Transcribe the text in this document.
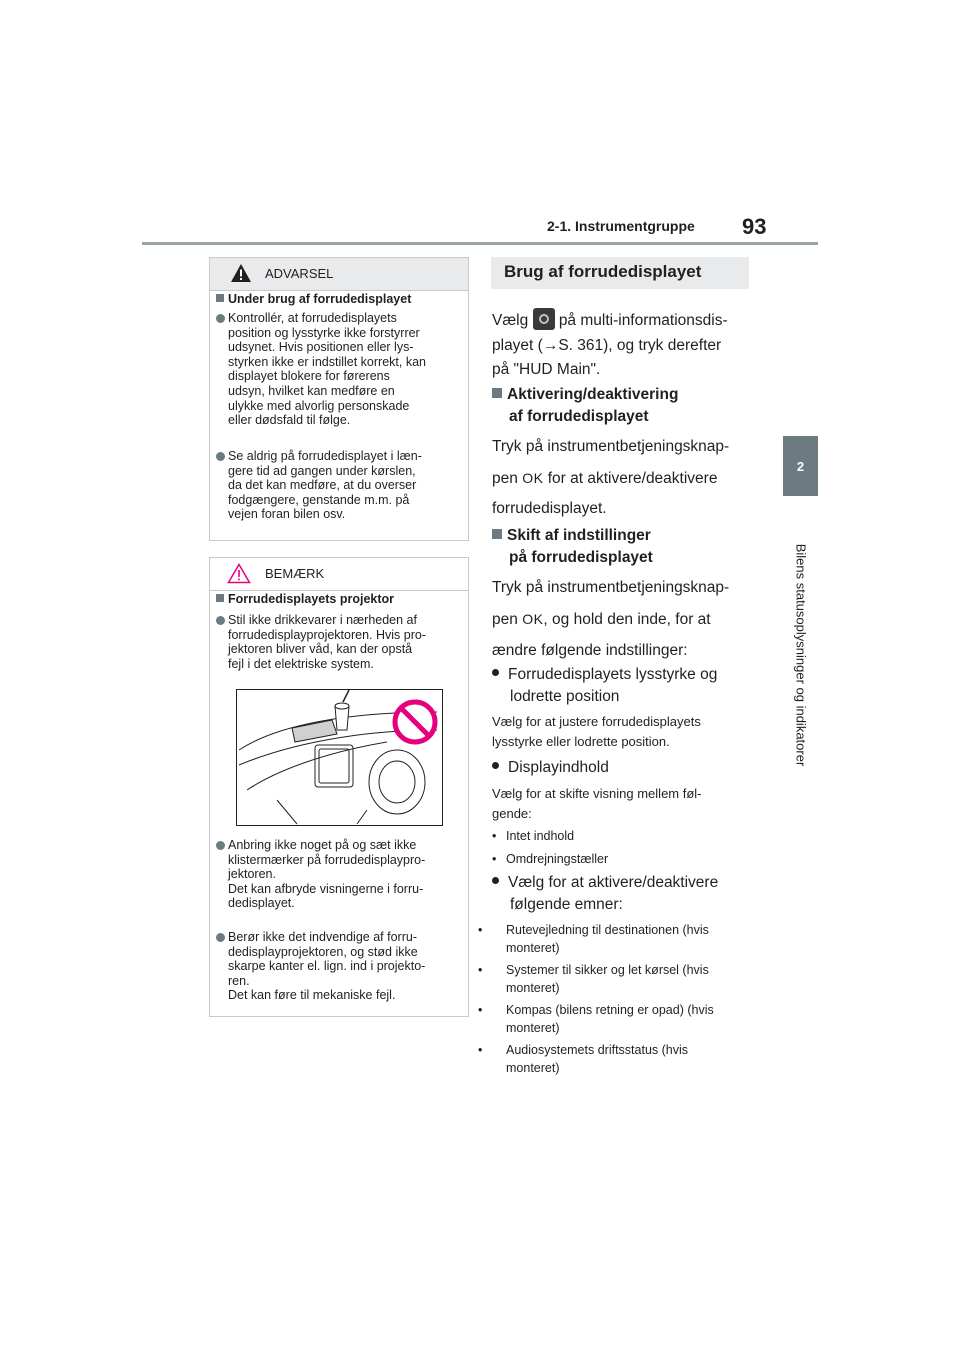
2-1. Instrumentgruppe 93
2
Bilens statusoplysninger og indikatorer
ADVARSEL
Under brug af forrudedisplayet
Kontrollér, at forrudedisplayets
position og lysstyrke ikke forstyrrer
udsynet. Hvis positionen eller lys-
styrken ikke er indstillet korrekt, kan
displayet blokere for førerens
udsyn, hvilket kan medføre en
ulykke med alvorlig personskade
eller dødsfald til følge.
Se aldrig på forrudedisplayet i læn-
gere tid ad gangen under kørslen,
da det kan medføre, at du overser
fodgængere, genstande m.m. på
vejen foran bilen osv.
BEMÆRK
Forrudedisplayets projektor
Stil ikke drikkevarer i nærheden af
forrudedisplayprojektoren. Hvis pro-
jektoren bliver våd, kan der opstå
fejl i det elektriske system.
Anbring ikke noget på og sæt ikke
klistermærker på forrudedisplaypro-
jektoren.
Det kan afbryde visningerne i forru-
dedisplayet.
Berør ikke det indvendige af forru-
dedisplayprojektoren, og stød ikke
skarpe kanter el. lign. ind i projekto-
ren.
Det kan føre til mekaniske fejl.
Brug af forrudedisplayet
Vælg på multi-informationsdis-
playet (→S. 361), og tryk derefter
på "HUD Main".
Aktivering/deaktivering
af forrudedisplayet
Tryk på instrumentbetjeningsknap-
pen OK for at aktivere/deaktivere
forrudedisplayet.
Skift af indstillinger
på forrudedisplayet
Tryk på instrumentbetjeningsknap-
pen OK, og hold den inde, for at
ændre følgende indstillinger:
Forrudedisplayets lysstyrke og
lodrette position
Vælg for at justere forrudedisplayets
lysstyrke eller lodrette position.
Displayindhold
Vælg for at skifte visning mellem føl-
gende:
• Intet indhold
• Omdrejningstæller
Vælg for at aktivere/deaktivere
følgende emner:
• Rutevejledning til destinationen (hvis
monteret)
• Systemer til sikker og let kørsel (hvis
monteret)
• Kompas (bilens retning er opad) (hvis
monteret)
• Audiosystemets driftsstatus (hvis
monteret)
